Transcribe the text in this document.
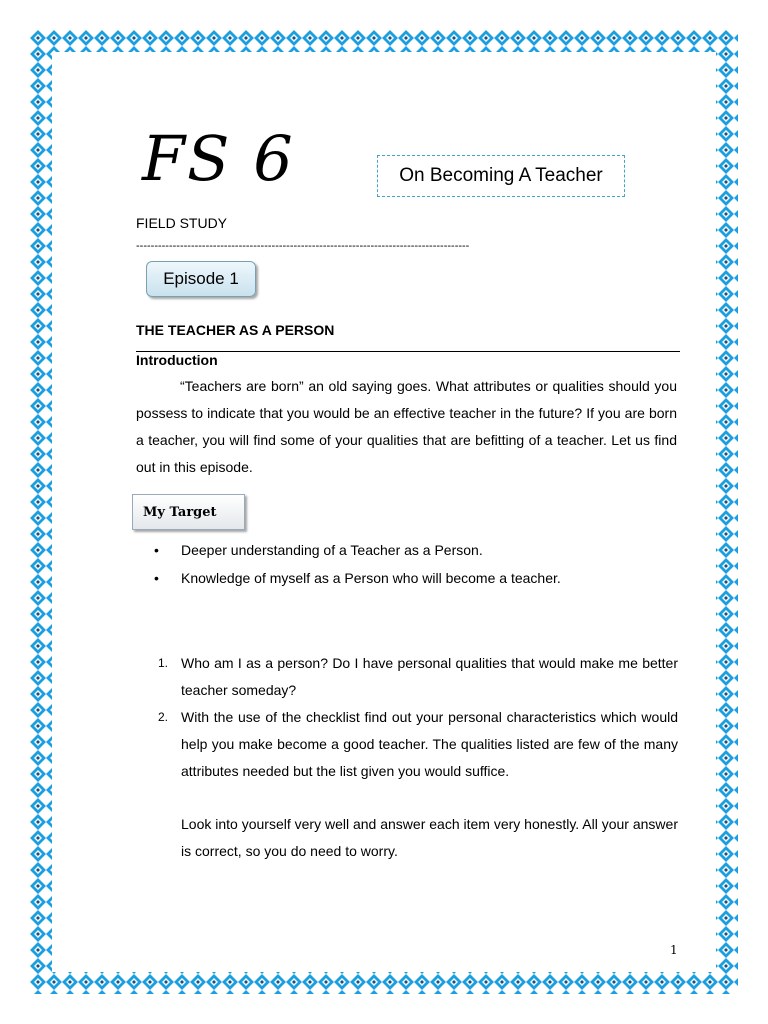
FS 6	On Becoming A Teacher
FIELD STUDY
-------------------------------------------------------------------------------------------
Episode 1
THE TEACHER AS A PERSON
Introduction
“Teachers are born” an old saying goes. What attributes or qualities should you possess to indicate that you would be an effective teacher in the future? If you are born a teacher, you will find some of your qualities that are befitting of a teacher. Let us find out in this episode.
My Target
• Deeper understanding of a Teacher as a Person.
• Knowledge of myself as a Person who will become a teacher.
1. Who am I as a person? Do I have personal qualities that would make me better teacher someday?
2. With the use of the checklist find out your personal characteristics which would help you make become a good teacher. The qualities listed are few of the many attributes needed but the list given you would suffice.
Look into yourself very well and answer each item very honestly. All your answer is correct, so you do need to worry.
1
